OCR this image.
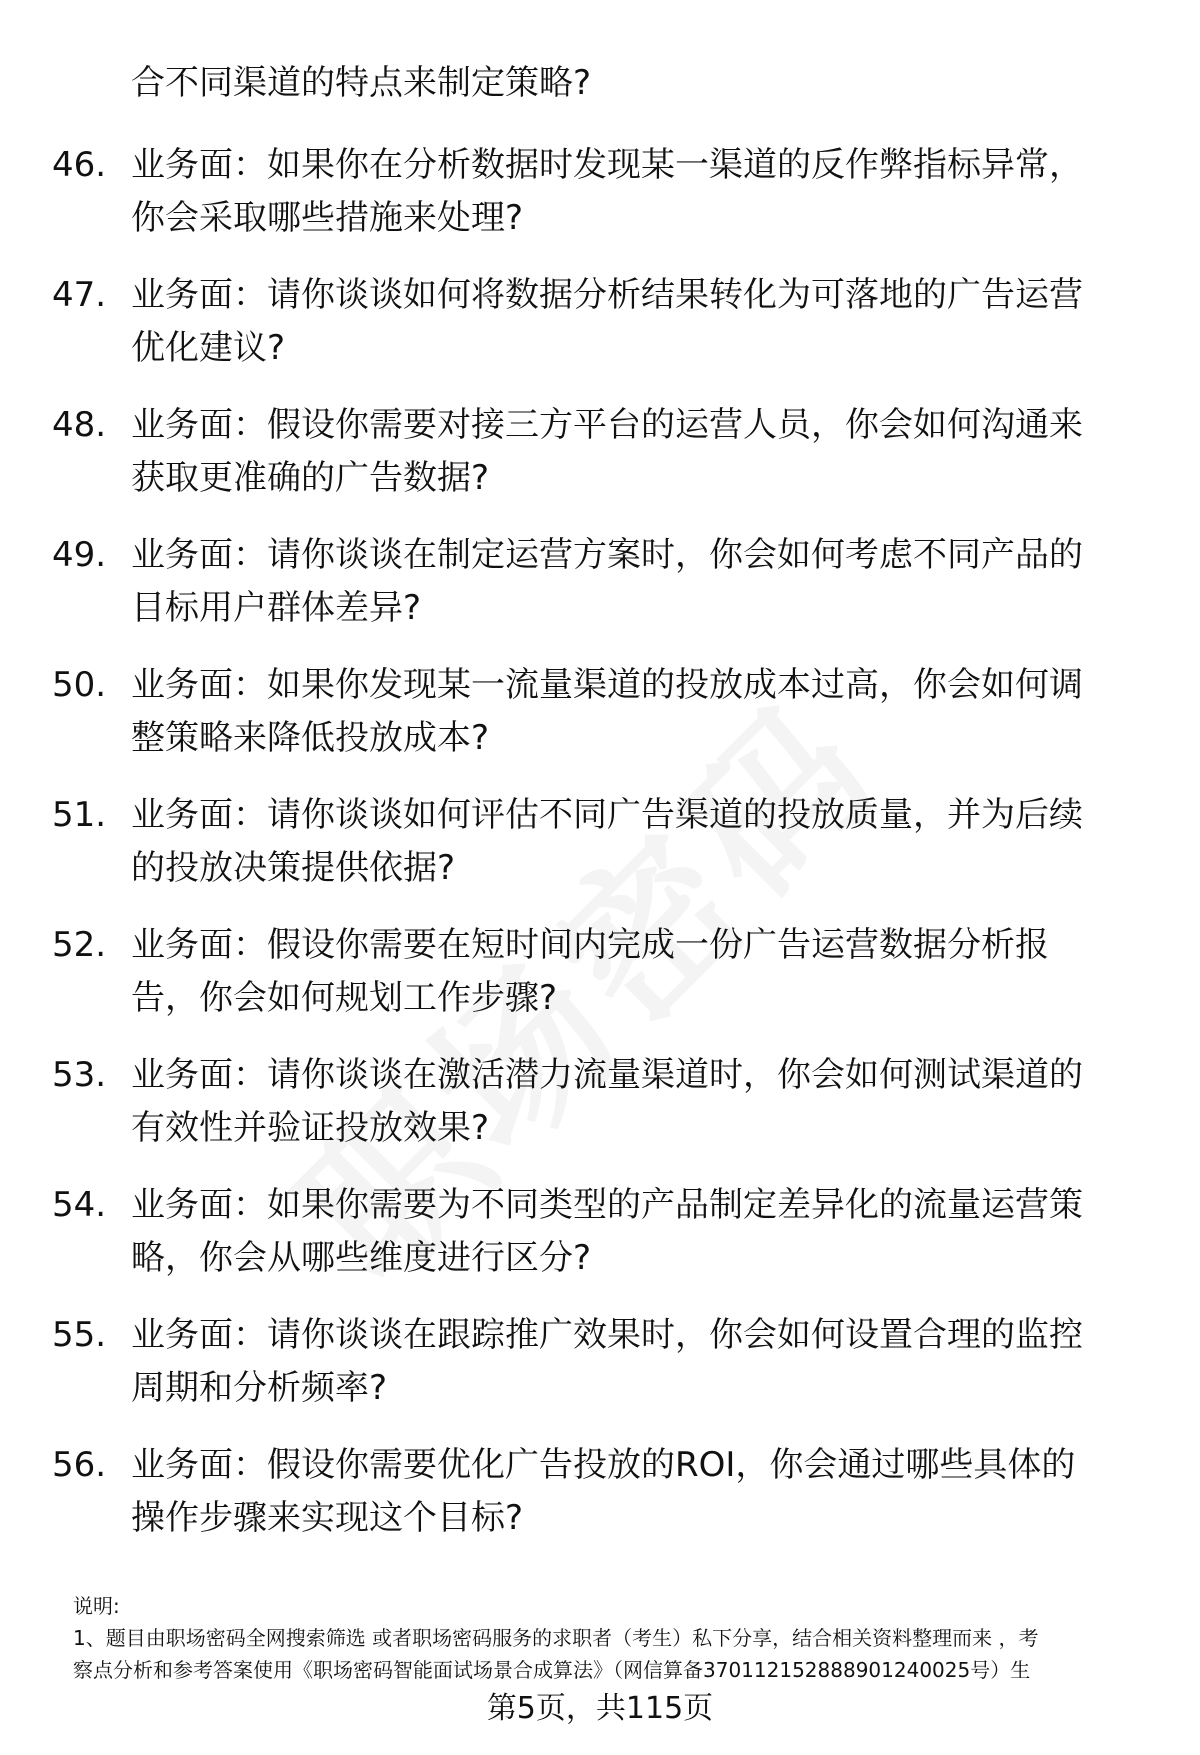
合不同渠道的特点来制定策略?
46. 业务面：如果你在分析数据时发现某一渠道的反作弊指标异常，
你会采取哪些措施来处理?
47. 业务面：请你谈谈如何将数据分析结果转化为可落地的广告运营
优化建议?
48. 业务面：假设你需要对接三方平台的运营人员，你会如何沟通来
获取更准确的广告数据?
49. 业务面：请你谈谈在制定运营方案时，你会如何考虑不同产品的
目标用户群体差异?
50. 业务面：如果你发现某一流量渠道的投放成本过高，你会如何调
整策略来降低投放成本?
51. 业务面：请你谈谈如何评估不同广告渠道的投放质量，并为后续
的投放决策提供依据?
52. 业务面：假设你需要在短时间内完成一份广告运营数据分析报
告，你会如何规划工作步骤?
53. 业务面：请你谈谈在激活潜力流量渠道时，你会如何测试渠道的
有效性并验证投放效果?
54. 业务面：如果你需要为不同类型的产品制定差异化的流量运营策
略，你会从哪些维度进行区分?
55. 业务面：请你谈谈在跟踪推广效果时，你会如何设置合理的监控
周期和分析频率?
56. 业务面：假设你需要优化广告投放的ROI，你会通过哪些具体的
操作步骤来实现这个目标?
说明:
1、题目由职场密码全网搜索筛选 或者职场密码服务的求职者（考生）私下分享，结合相关资料整理而来 ，考
察点分析和参考答案使用《职场密码智能面试场景合成算法》（网信算备370112152888901240025号）生
第5页，共115页
